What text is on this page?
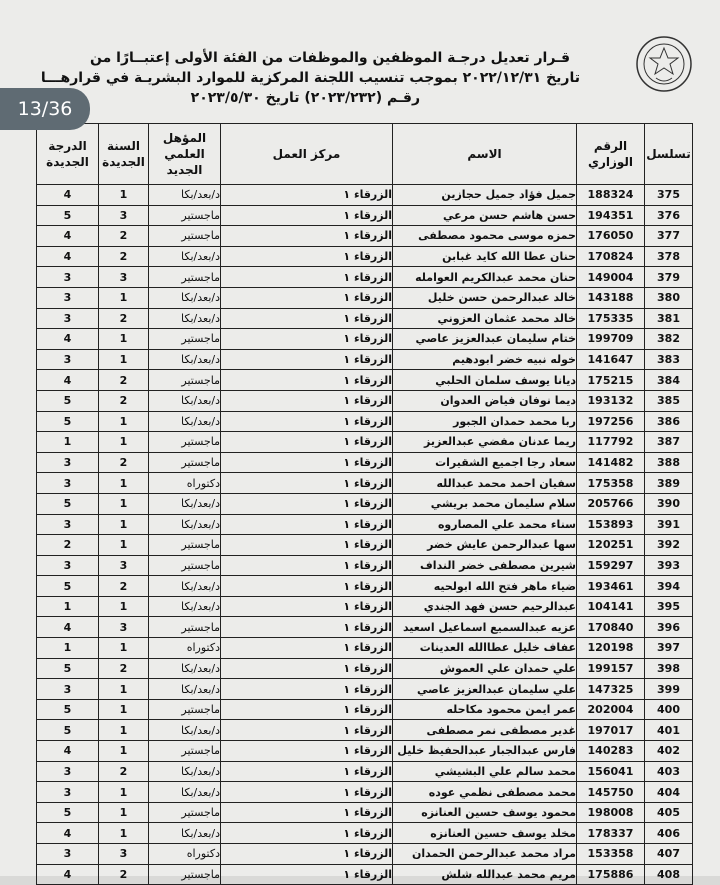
قـرار تعديل درجـة الموظفين والموظفات من الفئة الأولى إعتبــارًا من
تاريخ ٢٠٢٢/١٢/٣١ بموجب تنسيب اللجنة المركزية للموارد البشريـة في قرارهـــا
رقـم (٢٠٢٣/٢٣٢) تاريخ ٢٠٢٣/٥/٣٠
تسلسل	الرقم الوزاري	الاسم	مركز العمل	المؤهل العلمي الجديد	السنة الجديدة	الدرجة الجديدة
375	188324	جميل فؤاد جميل حجازين	الزرقاء ١	د/بعد/بكا	1	4
376	194351	حسن هاشم حسن مرعي	الزرقاء ١	ماجستير	3	5
377	176050	حمزه موسى محمود مصطفى	الزرقاء ١	ماجستير	2	4
378	170824	حنان عطا الله كايد غبابن	الزرقاء ١	د/بعد/بكا	2	4
379	149004	حنان محمد عبدالكريم العوامله	الزرقاء ١	ماجستير	3	3
380	143188	خالد عبدالرحمن حسن خليل	الزرقاء ١	د/بعد/بكا	1	3
381	175335	خالد محمد عثمان العزوني	الزرقاء ١	د/بعد/بكا	2	3
382	199709	ختام سليمان عبدالعزيز عاصي	الزرقاء ١	ماجستير	1	4
383	141647	خوله نبيه خضر ابودهيم	الزرقاء ١	د/بعد/بكا	1	3
384	175215	ديانا يوسف سلمان الحلبي	الزرقاء ١	ماجستير	2	4
385	193132	ديما نوفان فياض العدوان	الزرقاء ١	د/بعد/بكا	2	5
386	197256	ربا محمد حمدان الجبور	الزرقاء ١	د/بعد/بكا	1	5
387	117792	ريما عدنان مفضي عبدالعزيز	الزرقاء ١	ماجستير	1	1
388	141482	سعاد رجا اجميع الشقيرات	الزرقاء ١	ماجستير	2	3
389	175358	سفيان احمد محمد عبدالله	الزرقاء ١	دكتوراه	1	3
390	205766	سلام سليمان محمد بريشي	الزرقاء ١	د/بعد/بكا	1	5
391	153893	سناء محمد علي المصاروه	الزرقاء ١	د/بعد/بكا	1	3
392	120251	سها عبدالرحمن عايش خضر	الزرقاء ١	ماجستير	1	2
393	159297	شيرين مصطفى خضر النداف	الزرقاء ١	ماجستير	3	3
394	193461	ضياء ماهر فتح الله ابولحيه	الزرقاء ١	د/بعد/بكا	2	5
395	104141	عبدالرحيم حسن فهد الجندي	الزرقاء ١	د/بعد/بكا	1	1
396	170840	عزيه عبدالسميع اسماعيل اسعيد	الزرقاء ١	ماجستير	3	4
397	120198	عفاف خليل عطاالله العدينات	الزرقاء ١	دكتوراه	1	1
398	199157	علي حمدان علي العموش	الزرقاء ١	د/بعد/بكا	2	5
399	147325	علي سليمان عبدالعزيز عاصي	الزرقاء ١	د/بعد/بكا	1	3
400	202004	عمر ايمن محمود مكاحله	الزرقاء ١	ماجستير	1	5
401	197017	غدير مصطفى نمر مصطفى	الزرقاء ١	د/بعد/بكا	1	5
402	140283	فارس عبدالجبار عبدالحفيظ خليل	الزرقاء ١	ماجستير	1	4
403	156041	محمد سالم علي البشيشي	الزرقاء ١	د/بعد/بكا	2	3
404	145750	محمد مصطفى نظمي عوده	الزرقاء ١	د/بعد/بكا	1	3
405	198008	محمود يوسف حسين العنانزه	الزرقاء ١	ماجستير	1	5
406	178337	مخلد يوسف حسين العنانزه	الزرقاء ١	د/بعد/بكا	1	4
407	153358	مراد محمد عبدالرحمن الحمدان	الزرقاء ١	دكتوراه	3	3
408	175886	مريم محمد عبدالله شلش	الزرقاء ١	ماجستير	2	4
13/36
